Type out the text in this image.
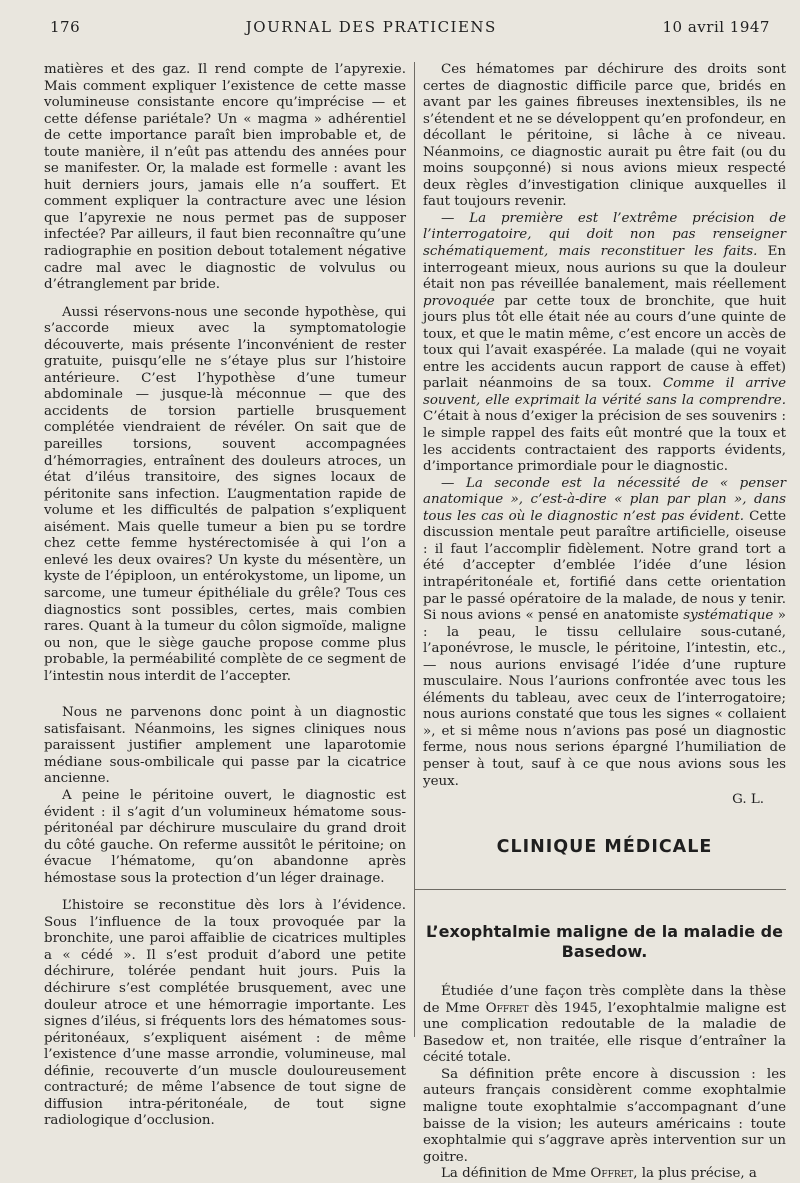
176	JOURNAL DES PRATICIENS	10 avril 1947

matières et des gaz. Il rend compte de l’apyrexie. Mais comment expliquer l’existence de cette masse volumineuse consistante encore qu’imprécise — et cette défense pariétale? Un « magma » adhérentiel de cette importance paraît bien improbable et, de toute manière, il n’eût pas attendu des années pour se manifester. Or, la malade est formelle : avant les huit derniers jours, jamais elle n’a souffert. Et comment expliquer la contracture avec une lésion que l’apyrexie ne nous permet pas de supposer infectée? Par ailleurs, il faut bien reconnaître qu’une radiographie en position debout totalement négative cadre mal avec le diagnostic de volvulus ou d’étranglement par bride.

Aussi réservons-nous une seconde hypothèse, qui s’accorde mieux avec la symptomatologie découverte, mais présente l’inconvénient de rester gratuite, puisqu’elle ne s’étaye plus sur l’histoire antérieure. C’est l’hypothèse d’une tumeur abdominale — jusque-là méconnue — que des accidents de torsion partielle brusquement complétée viendraient de révéler. On sait que de pareilles torsions, souvent accompagnées d’hémorragies, entraînent des douleurs atroces, un état d’iléus transitoire, des signes locaux de péritonite sans infection. L’augmentation rapide de volume et les difficultés de palpation s’expliquent aisément. Mais quelle tumeur a bien pu se tordre chez cette femme hystérectomisée à qui l’on a enlevé les deux ovaires? Un kyste du mésentère, un kyste de l’épiploon, un entérokystome, un lipome, un sarcome, une tumeur épithéliale du grêle? Tous ces diagnostics sont possibles, certes, mais combien rares. Quant à la tumeur du côlon sigmoïde, maligne ou non, que le siège gauche propose comme plus probable, la perméabilité complète de ce segment de l’intestin nous interdit de l’accepter.

Nous ne parvenons donc point à un diagnostic satisfaisant. Néanmoins, les signes cliniques nous paraissent justifier amplement une laparotomie médiane sous-ombilicale qui passe par la cicatrice ancienne.

A peine le péritoine ouvert, le diagnostic est évident : il s’agit d’un volumineux hématome sous-péritonéal par déchirure musculaire du grand droit du côté gauche. On referme aussitôt le péritoine; on évacue l’hématome, qu’on abandonne après hémostase sous la protection d’un léger drainage.

L’histoire se reconstitue dès lors à l’évidence. Sous l’influence de la toux provoquée par la bronchite, une paroi affaiblie de cicatrices multiples a « cédé ». Il s’est produit d’abord une petite déchirure, tolérée pendant huit jours. Puis la déchirure s’est complétée brusquement, avec une douleur atroce et une hémorragie importante. Les signes d’iléus, si fréquents lors des hématomes sous-péritonéaux, s’expliquent aisément : de même l’existence d’une masse arrondie, volumineuse, mal définie, recouverte d’un muscle douloureusement contracturé; de même l’absence de tout signe de diffusion intra-péritonéale, de tout signe radiologique d’occlusion.

Ces hématomes par déchirure des droits sont certes de diagnostic difficile parce que, bridés en avant par les gaines fibreuses inextensibles, ils ne s’étendent et ne se développent qu’en profondeur, en décollant le péritoine, si lâche à ce niveau. Néanmoins, ce diagnostic aurait pu être fait (ou du moins soupçonné) si nous avions mieux respecté deux règles d’investigation clinique auxquelles il faut toujours revenir.

— La première est l’extrême précision de l’interrogatoire, qui doit non pas renseigner schématiquement, mais reconstituer les faits. En interrogeant mieux, nous aurions su que la douleur était non pas réveillée banalement, mais réellement provoquée par cette toux de bronchite, que huit jours plus tôt elle était née au cours d’une quinte de toux, et que le matin même, c’est encore un accès de toux qui l’avait exaspérée. La malade (qui ne voyait entre les accidents aucun rapport de cause à effet) parlait néanmoins de sa toux. Comme il arrive souvent, elle exprimait la vérité sans la comprendre. C’était à nous d’exiger la précision de ses souvenirs : le simple rappel des faits eût montré que la toux et les accidents contractaient des rapports évidents, d’importance primordiale pour le diagnostic.

— La seconde est la nécessité de « penser anatomique », c’est-à-dire « plan par plan », dans tous les cas où le diagnostic n’est pas évident. Cette discussion mentale peut paraître artificielle, oiseuse : il faut l’accomplir fidèlement. Notre grand tort a été d’accepter d’emblée l’idée d’une lésion intrapéritonéale et, fortifié dans cette orientation par le passé opératoire de la malade, de nous y tenir. Si nous avions « pensé en anatomiste systématique » : la peau, le tissu cellulaire sous-cutané, l’aponévrose, le muscle, le péritoine, l’intestin, etc., — nous aurions envisagé l’idée d’une rupture musculaire. Nous l’aurions confrontée avec tous les éléments du tableau, avec ceux de l’interrogatoire; nous aurions constaté que tous les signes « collaient », et si même nous n’avions pas posé un diagnostic ferme, nous nous serions épargné l’humiliation de penser à tout, sauf à ce que nous avions sous les yeux.

G. L.
CLINIQUE MÉDICALE
L’exophtalmie maligne de la maladie de Basedow.

Étudiée d’une façon très complète dans la thèse de Mme Offret dès 1945, l’exophtalmie maligne est une complication redoutable de la maladie de Basedow et, non traitée, elle risque d’entraîner la cécité totale.

Sa définition prête encore à discussion : les auteurs français considèrent comme exophtalmie maligne toute exophtalmie s’accompagnant d’une baisse de la vision; les auteurs américains : toute exophtalmie qui s’aggrave après intervention sur un goitre.

La définition de Mme Offret, la plus précise, a
